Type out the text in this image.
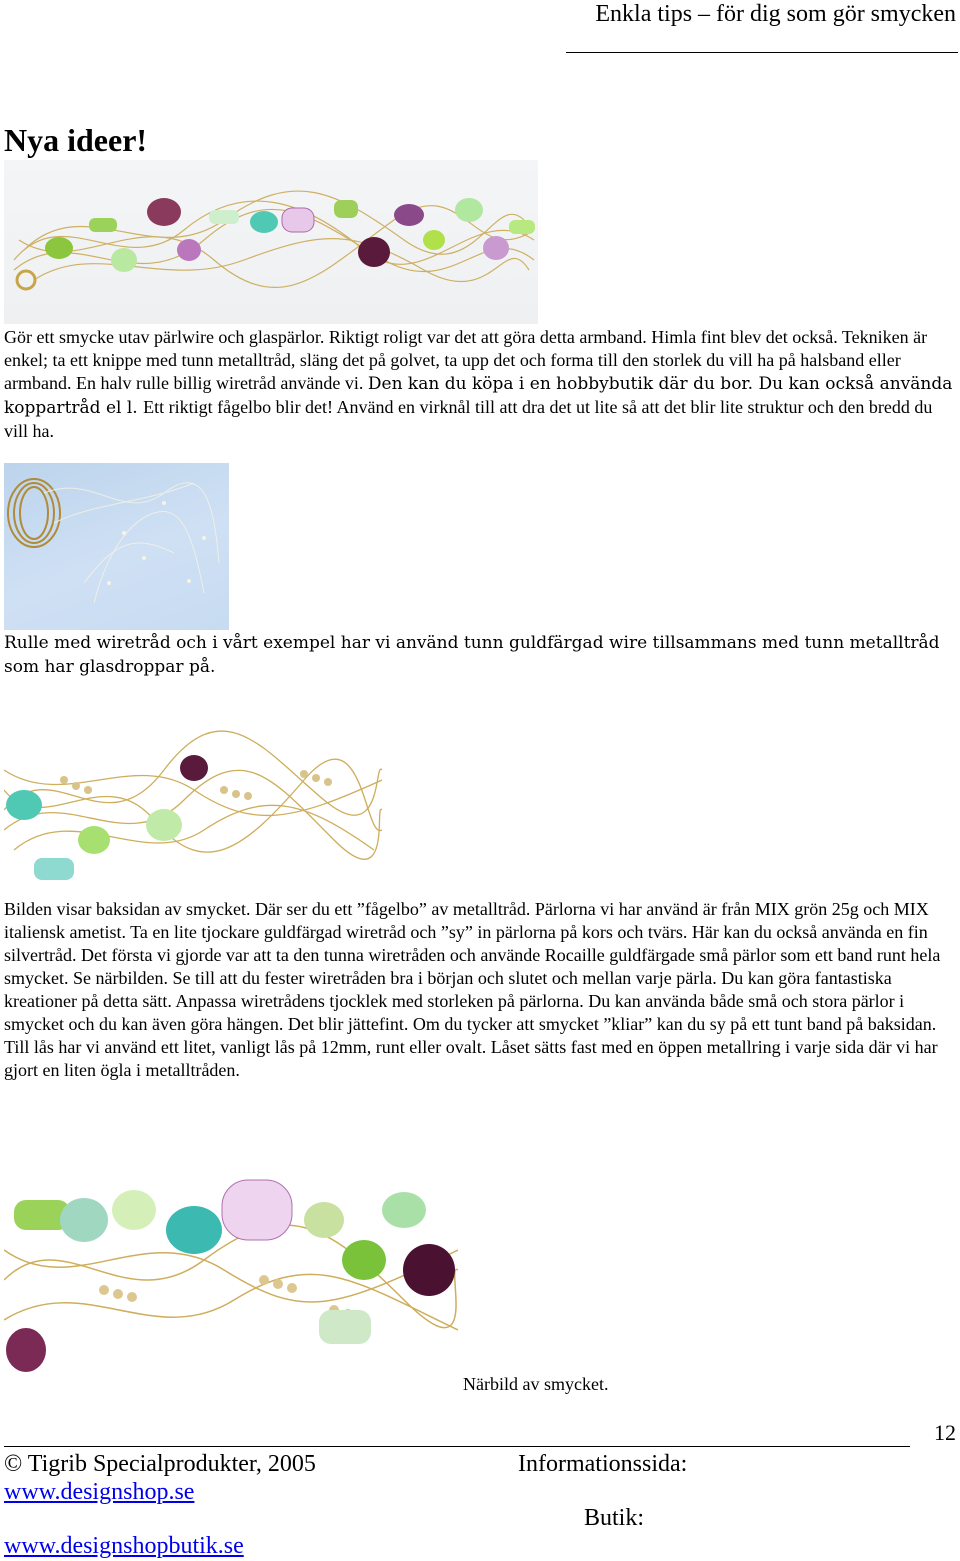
Enkla tips – för dig som gör smycken
Nya ideer!

Gör ett smycke utav pärlwire och glaspärlor. Riktigt roligt var det att göra detta armband. Himla fint blev det också. Tekniken är enkel; ta ett knippe med tunn metalltråd, släng det på golvet, ta upp det och forma till den storlek du vill ha på halsband eller armband. En halv rulle billig wiretråd använde vi. Den kan du köpa i en hobbybutik där du bor. Du kan också använda koppartråd el l. Ett riktigt fågelbo blir det! Använd en virknål till att dra det ut lite så att det blir lite struktur och den bredd du vill ha.

Rulle med wiretråd och i vårt exempel har vi använd tunn guldfärgad wire tillsammans med tunn metalltråd som har glasdroppar på.

Bilden visar baksidan av smycket. Där ser du ett ”fågelbo” av metalltråd. Pärlorna vi har använd är från MIX grön 25g och MIX italiensk ametist. Ta en lite tjockare guldfärgad wiretråd och ”sy” in pärlorna på kors och tvärs. Här kan du också använda en fin silvertråd. Det första vi gjorde var att ta den tunna wiretråden och använde Rocaille guldfärgade små pärlor som ett band runt hela smycket. Se närbilden. Se till att du fester wiretråden bra i början och slutet och mellan varje pärla. Du kan göra fantastiska kreationer på detta sätt. Anpassa wiretrådens tjocklek med storleken på pärlorna. Du kan använda både små och stora pärlor i smycket och du kan även göra hängen. Det blir jättefint. Om du tycker att smycket ”kliar” kan du sy på ett tunt band på baksidan. Till lås har vi använd ett litet, vanligt lås på 12mm, runt eller ovalt. Låset sätts fast med en öppen metallring i varje sida där vi har gjort en liten ögla i metalltråden.

Närbild av smycket.
12
© Tigrib Specialprodukter, 2005	Informationssida:
www.designshop.se
Butik:
www.designshopbutik.se
